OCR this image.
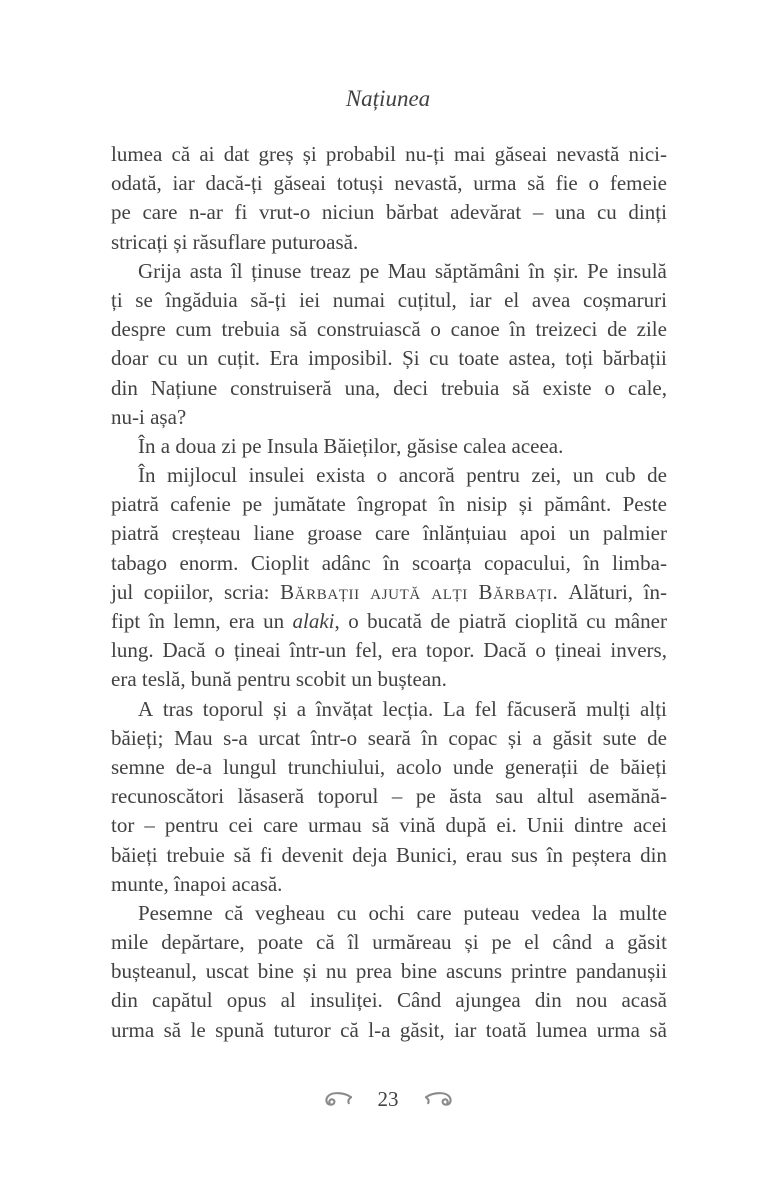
Națiunea
lumea că ai dat greș și probabil nu-ți mai găseai nevastă nici-
odată, iar dacă-ți găseai totuși nevastă, urma să fie o femeie
pe care n-ar fi vrut-o niciun bărbat adevărat – una cu dinți
stricați și răsuflare puturoasă.
Grija asta îl ținuse treaz pe Mau săptămâni în șir. Pe insulă
ți se îngăduia să-ți iei numai cuțitul, iar el avea coșmaruri
despre cum trebuia să construiască o canoe în treizeci de zile
doar cu un cuțit. Era imposibil. Și cu toate astea, toți bărbații
din Națiune construiseră una, deci trebuia să existe o cale,
nu-i așa?
În a doua zi pe Insula Băieților, găsise calea aceea.
În mijlocul insulei exista o ancoră pentru zei, un cub de
piatră cafenie pe jumătate îngropat în nisip și pământ. Peste
piatră creșteau liane groase care înlănțuiau apoi un palmier
tabago enorm. Cioplit adânc în scoarța copacului, în limba-
jul copiilor, scria: Bărbații ajută alți Bărbați. Alături, în-
fipt în lemn, era un alaki, o bucată de piatră cioplită cu mâner
lung. Dacă o țineai într-un fel, era topor. Dacă o țineai invers,
era teslă, bună pentru scobit un buștean.
A tras toporul și a învățat lecția. La fel făcuseră mulți alți
băieți; Mau s-a urcat într-o seară în copac și a găsit sute de
semne de-a lungul trunchiului, acolo unde generații de băieți
recunoscători lăsaseră toporul – pe ăsta sau altul asemănă-
tor – pentru cei care urmau să vină după ei. Unii dintre acei
băieți trebuie să fi devenit deja Bunici, erau sus în peștera din
munte, înapoi acasă.
Pesemne că vegheau cu ochi care puteau vedea la multe
mile depărtare, poate că îl urmăreau și pe el când a găsit
bușteanul, uscat bine și nu prea bine ascuns printre pandanușii
din capătul opus al insuliței. Când ajungea din nou acasă
urma să le spună tuturor că l-a găsit, iar toată lumea urma să
23
